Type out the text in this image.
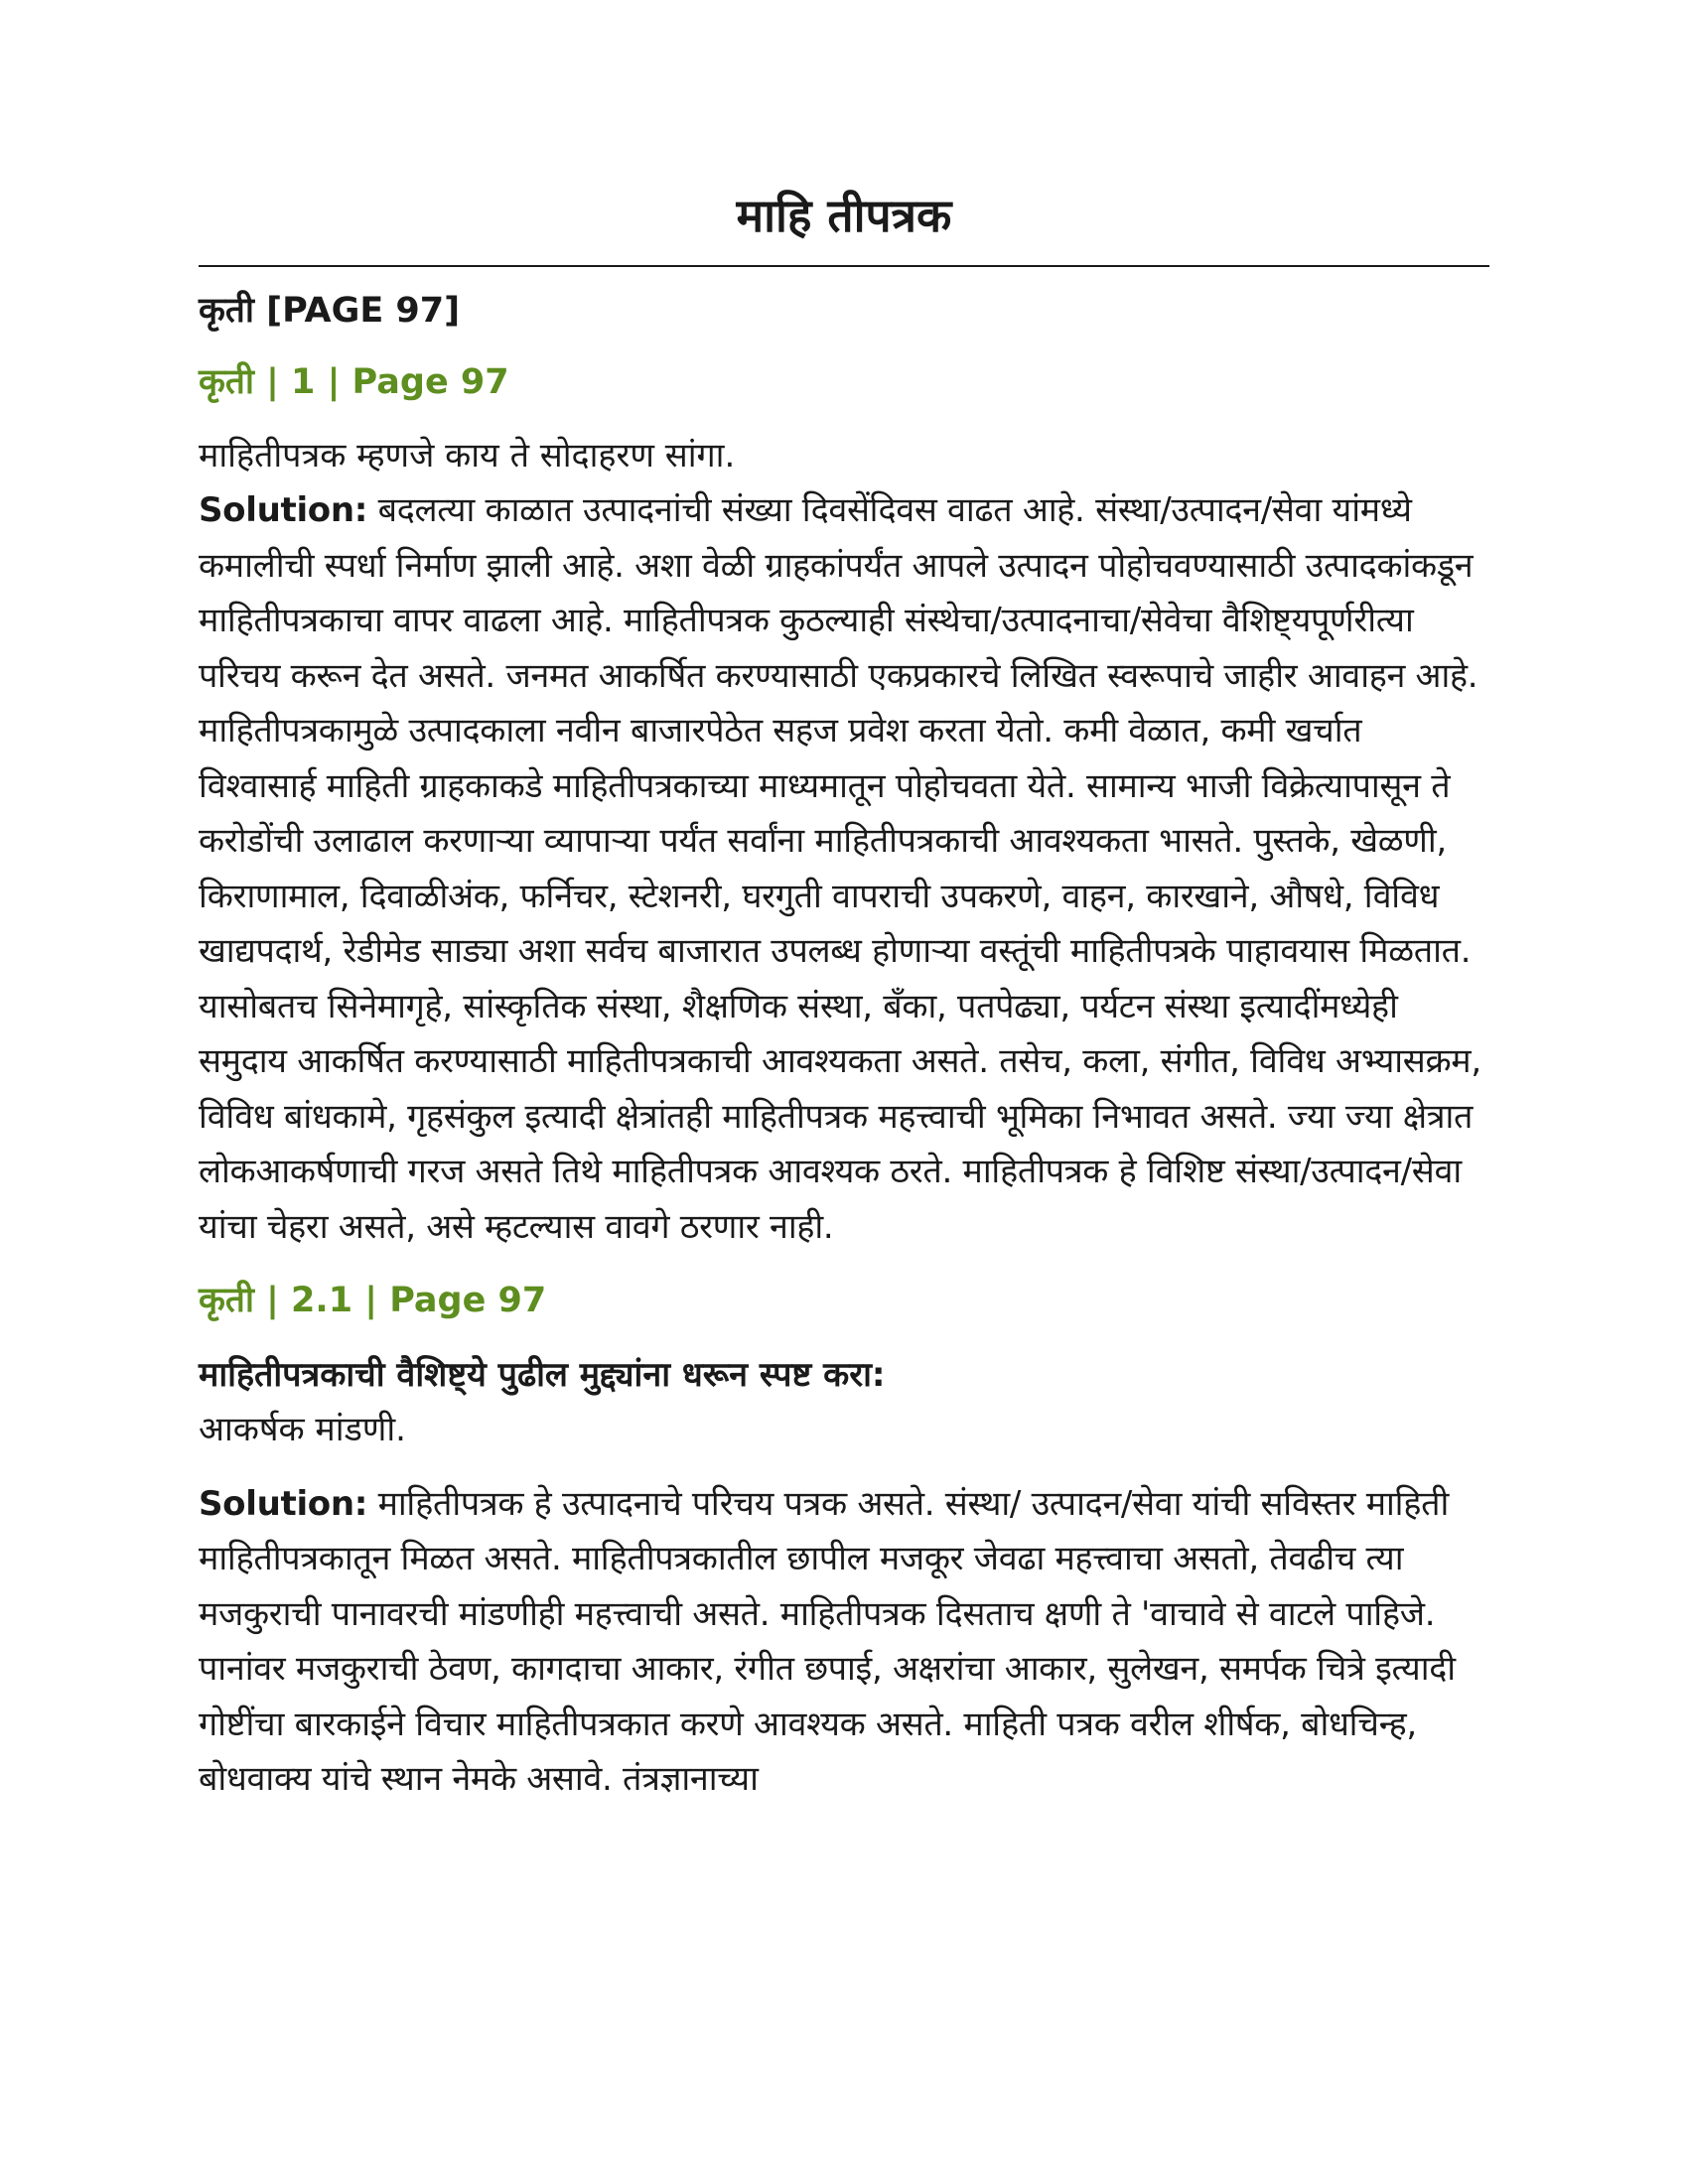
माहि तीपत्रक
कृती [PAGE 97]
कृती | 1 | Page 97

माहितीपत्रक म्हणजे काय ते सोदाहरण सांगा.

Solution: बदलत्या काळात उत्पादनांची संख्या दिवसेंदिवस वाढत आहे. संस्था/उत्पादन/सेवा यांमध्ये कमालीची स्पर्धा निर्माण झाली आहे. अशा वेळी ग्राहकांपर्यंत आपले उत्पादन पोहोचवण्यासाठी उत्पादकांकडून माहितीपत्रकाचा वापर वाढला आहे. माहितीपत्रक कुठल्याही संस्थेचा/उत्पादनाचा/सेवेचा वैशिष्ट्यपूर्णरीत्या परिचय करून देत असते. जनमत आकर्षित करण्यासाठी एकप्रकारचे लिखित स्वरूपाचे जाहीर आवाहन आहे. माहितीपत्रकामुळे उत्पादकाला नवीन बाजारपेठेत सहज प्रवेश करता येतो. कमी वेळात, कमी खर्चात विश्वासार्ह माहिती ग्राहकाकडे माहितीपत्रकाच्या माध्यमातून पोहोचवता येते. सामान्य भाजी विक्रेत्यापासून ते करोडोंची उलाढाल करणाऱ्या व्यापाऱ्या पर्यंत सर्वांना माहितीपत्रकाची आवश्यकता भासते. पुस्तके, खेळणी, किराणामाल, दिवाळीअंक, फर्निचर, स्टेशनरी, घरगुती वापराची उपकरणे, वाहन, कारखाने, औषधे, विविध खाद्यपदार्थ, रेडीमेड साड्या अशा सर्वच बाजारात उपलब्ध होणाऱ्या वस्तूंची माहितीपत्रके पाहावयास मिळतात. यासोबतच सिनेमागृहे, सांस्कृतिक संस्था, शैक्षणिक संस्था, बँका, पतपेढ्या, पर्यटन संस्था इत्यादींमध्येही समुदाय आकर्षित करण्यासाठी माहितीपत्रकाची आवश्यकता असते. तसेच, कला, संगीत, विविध अभ्यासक्रम, विविध बांधकामे, गृहसंकुल इत्यादी क्षेत्रांतही माहितीपत्रक महत्त्वाची भूमिका निभावत असते. ज्या ज्या क्षेत्रात लोकआकर्षणाची गरज असते तिथे माहितीपत्रक आवश्यक ठरते. माहितीपत्रक हे विशिष्ट संस्था/उत्पादन/सेवा यांचा चेहरा असते, असे म्हटल्यास वावगे ठरणार नाही.

कृती | 2.1 | Page 97

माहितीपत्रकाची वैशिष्ट्ये पुढील मुद्द्यांना धरून स्पष्ट करा:

आकर्षक मांडणी.

Solution: माहितीपत्रक हे उत्पादनाचे परिचय पत्रक असते. संस्था/ उत्पादन/सेवा यांची सविस्तर माहिती माहितीपत्रकातून मिळत असते. माहितीपत्रकातील छापील मजकूर जेवढा महत्त्वाचा असतो, तेवढीच त्या मजकुराची पानावरची मांडणीही महत्त्वाची असते. माहितीपत्रक दिसताच क्षणी ते 'वाचावे से वाटले पाहिजे. पानांवर मजकुराची ठेवण, कागदाचा आकार, रंगीत छपाई, अक्षरांचा आकार, सुलेखन, समर्पक चित्रे इत्यादी गोष्टींचा बारकाईने विचार माहितीपत्रकात करणे आवश्यक असते. माहिती पत्रक वरील शीर्षक, बोधचिन्ह, बोधवाक्य यांचे स्थान नेमके असावे. तंत्रज्ञानाच्या
